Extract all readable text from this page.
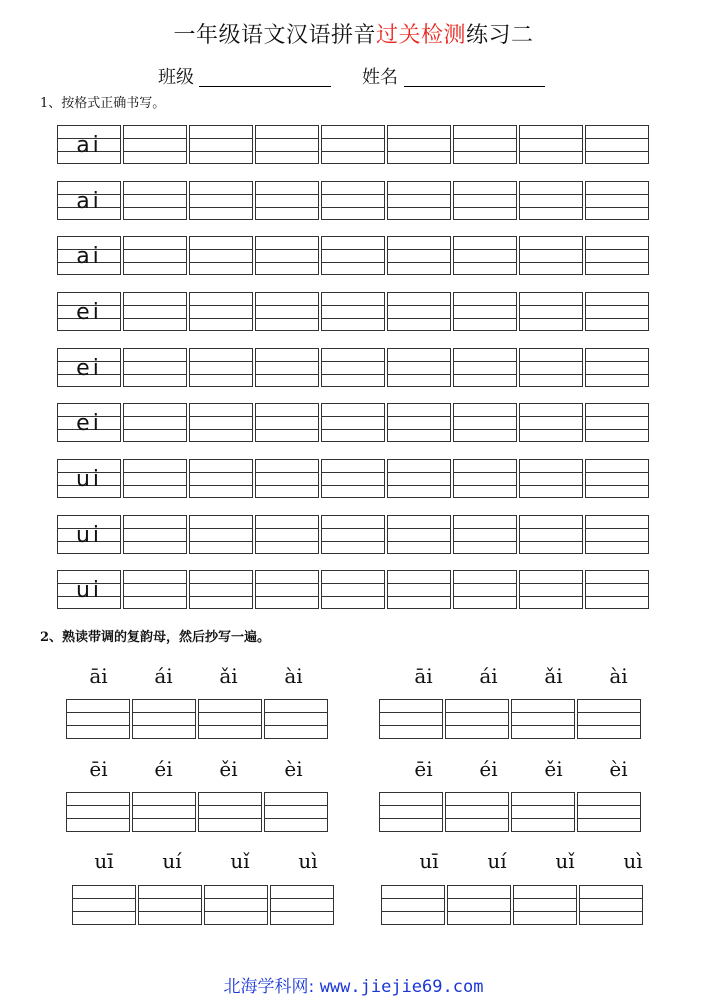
一年级语文汉语拼音过关检测练习二
班级	姓名
1、按格式正确书写。
ai
ai
ai
ei
ei
ei
ui
ui
ui
2、熟读带调的复韵母，然后抄写一遍。
āi	ái	ǎi	ài	āi	ái	ǎi	ài
ēi	éi	ěi	èi	ēi	éi	ěi	èi
uī	uí	uǐ	uì	uī	uí	uǐ	uì
北海学科网: www.jiejie69.com
